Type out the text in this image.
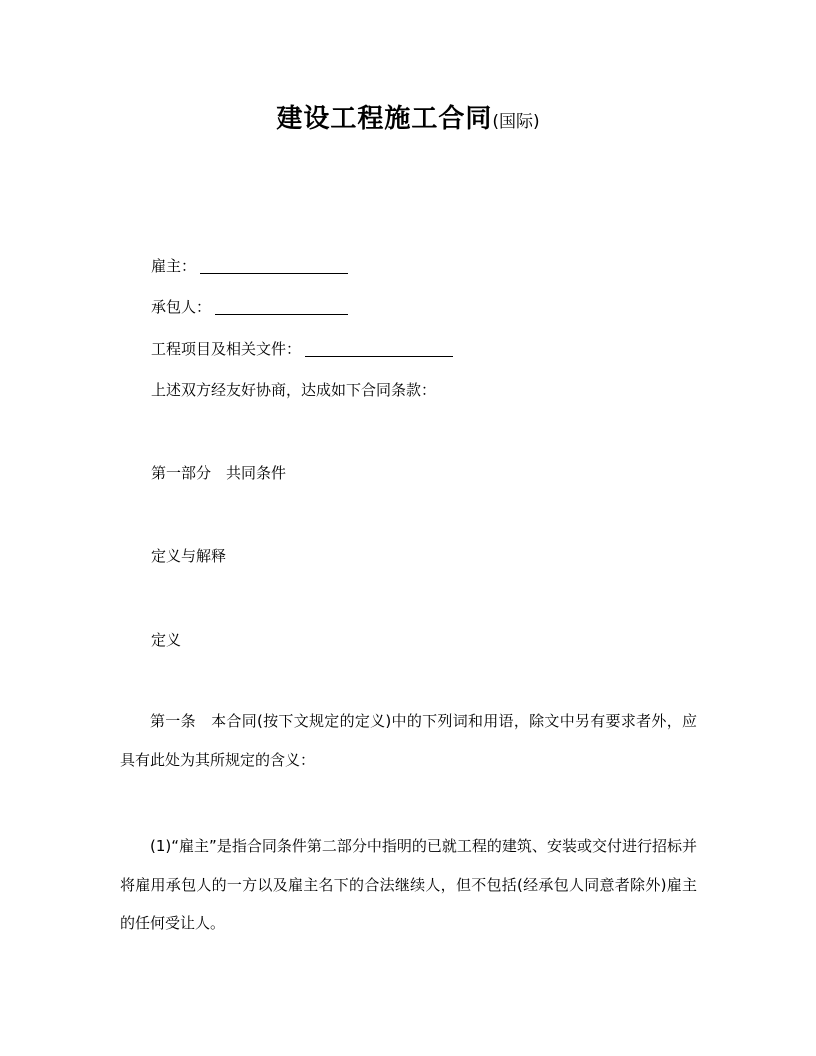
建设工程施工合同(国际)
雇主：
承包人：
工程项目及相关文件：
上述双方经友好协商，达成如下合同条款：
第一部分　共同条件
定义与解释
定义
第一条　本合同(按下文规定的定义)中的下列词和用语，除文中另有要求者外，应具有此处为其所规定的含义：
(1)“雇主”是指合同条件第二部分中指明的已就工程的建筑、安装或交付进行招标并将雇用承包人的一方以及雇主名下的合法继续人，但不包括(经承包人同意者除外)雇主的任何受让人。
